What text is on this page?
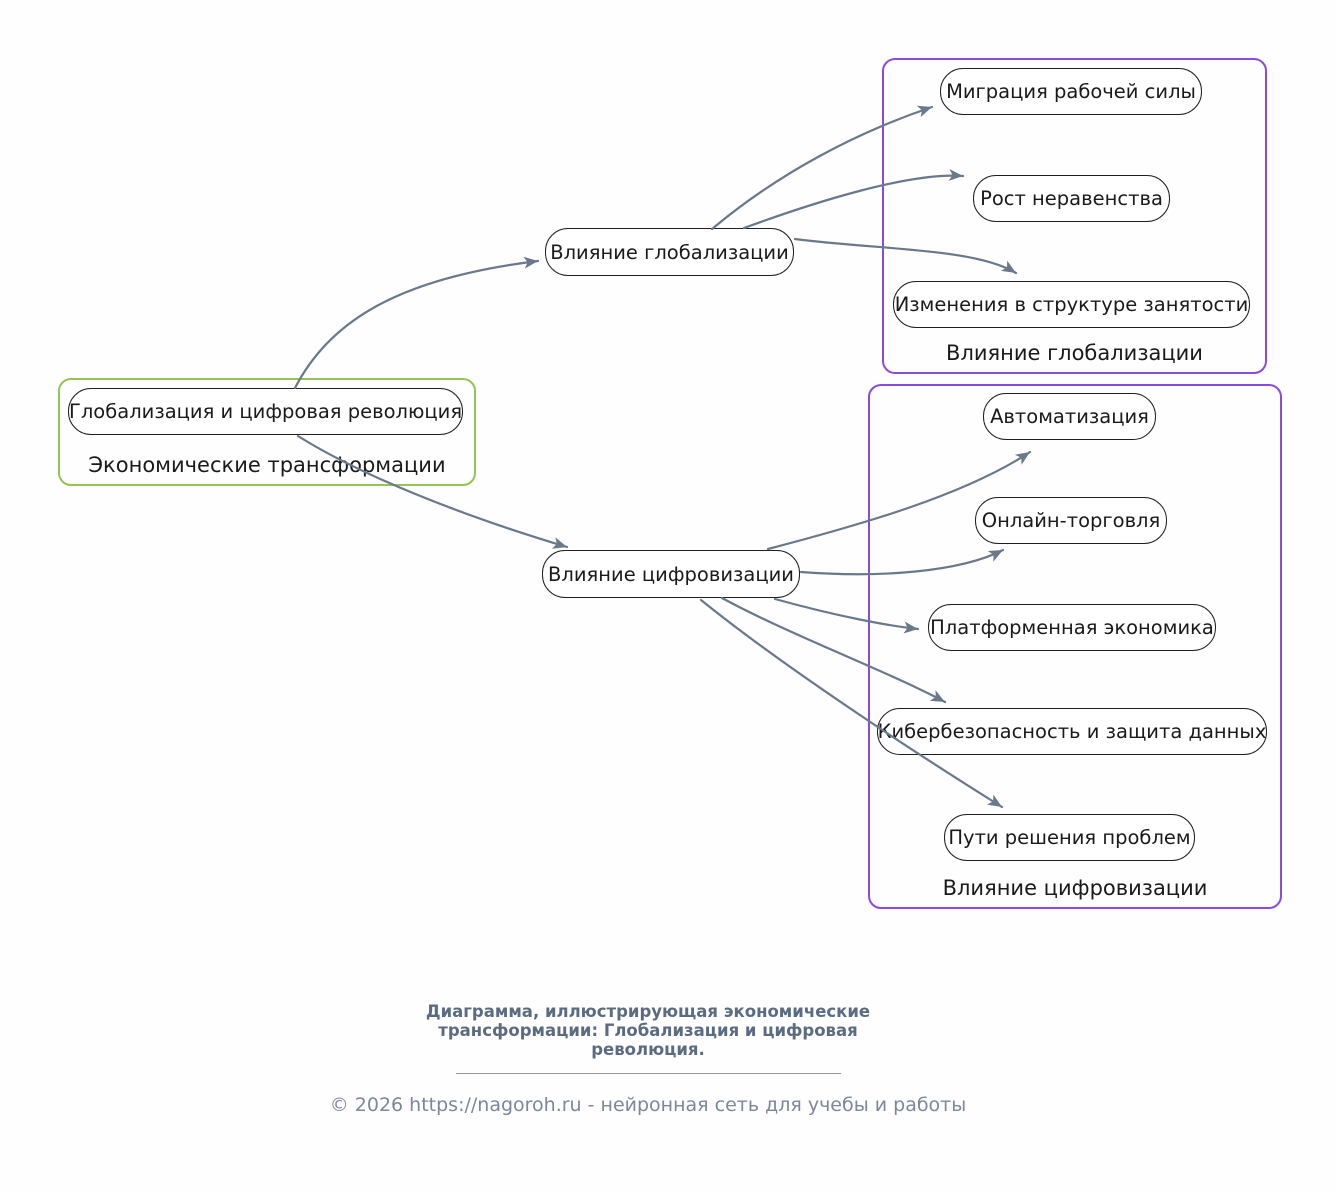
Экономические трансформации
Глобализация и цифровая революция
Влияние глобализации
Влияние цифровизации
Влияние глобализации
Миграция рабочей силы
Рост неравенства
Изменения в структуре занятости
Влияние цифровизации
Автоматизация
Онлайн-торговля
Платформенная экономика
Кибербезопасность и защита данных
Пути решения проблем
Диаграмма, иллюстрирующая экономические
трансформации: Глобализация и цифровая
революция.
© 2026 https://nagoroh.ru - нейронная сеть для учебы и работы
